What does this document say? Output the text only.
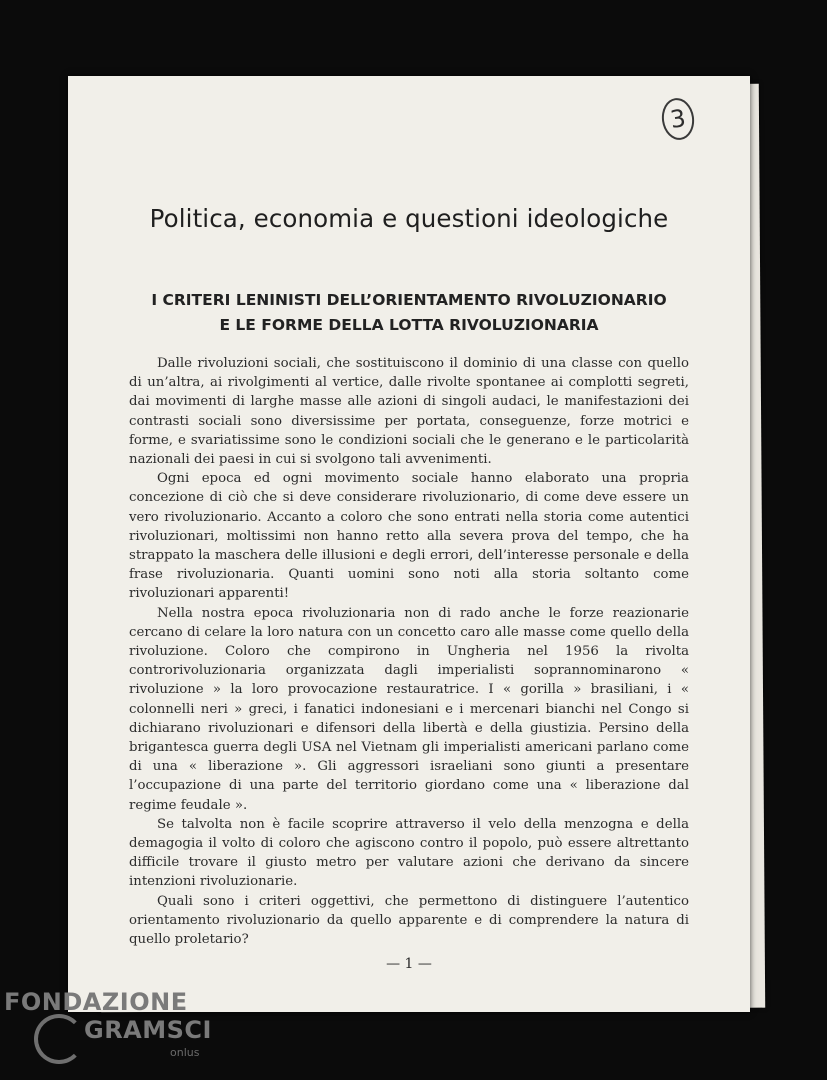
3
Politica, economia e questioni ideologiche
I CRITERI LENINISTI DELL’ORIENTAMENTO RIVOLUZIONARIO
E LE FORME DELLA LOTTA RIVOLUZIONARIA

Dalle rivoluzioni sociali, che sostituiscono il dominio di una classe con quello di un’altra, ai rivolgimenti al vertice, dalle rivolte spontanee ai complotti segreti, dai movimenti di larghe masse alle azioni di singoli audaci, le manifestazioni dei contrasti sociali sono diversissime per portata, conseguenze, forze motrici e forme, e svariatissime sono le condizioni sociali che le generano e le particolarità nazionali dei paesi in cui si svolgono tali avvenimenti.

Ogni epoca ed ogni movimento sociale hanno elaborato una propria concezione di ciò che si deve considerare rivoluzionario, di come deve essere un vero rivoluzionario. Accanto a coloro che sono entrati nella storia come autentici rivoluzionari, moltissimi non hanno retto alla severa prova del tempo, che ha strappato la maschera delle illusioni e degli errori, dell’interesse personale e della frase rivoluzionaria. Quanti uomini sono noti alla storia soltanto come rivoluzionari apparenti!

Nella nostra epoca rivoluzionaria non di rado anche le forze reazionarie cercano di celare la loro natura con un concetto caro alle masse come quello della rivoluzione. Coloro che compirono in Ungheria nel 1956 la rivolta controrivoluzionaria organizzata dagli imperialisti soprannominarono « rivoluzione » la loro provocazione restauratrice. I « gorilla » brasiliani, i « colonnelli neri » greci, i fanatici indonesiani e i mercenari bianchi nel Congo si dichiarano rivoluzionari e difensori della libertà e della giustizia. Persino della brigantesca guerra degli USA nel Vietnam gli imperialisti americani parlano come di una « liberazione ». Gli aggressori israeliani sono giunti a presentare l’occupazione di una parte del territorio giordano come una « liberazione dal regime feudale ».

Se talvolta non è facile scoprire attraverso il velo della menzogna e della demagogia il volto di coloro che agiscono contro il popolo, può essere altrettanto difficile trovare il giusto metro per valutare azioni che derivano da sincere intenzioni rivoluzionarie.

Quali sono i criteri oggettivi, che permettono di distinguere l’autentico orientamento rivoluzionario da quello apparente e di comprendere la natura di quello proletario?

— 1 —
FONDAZIONE
GRAMSCI
onlus
